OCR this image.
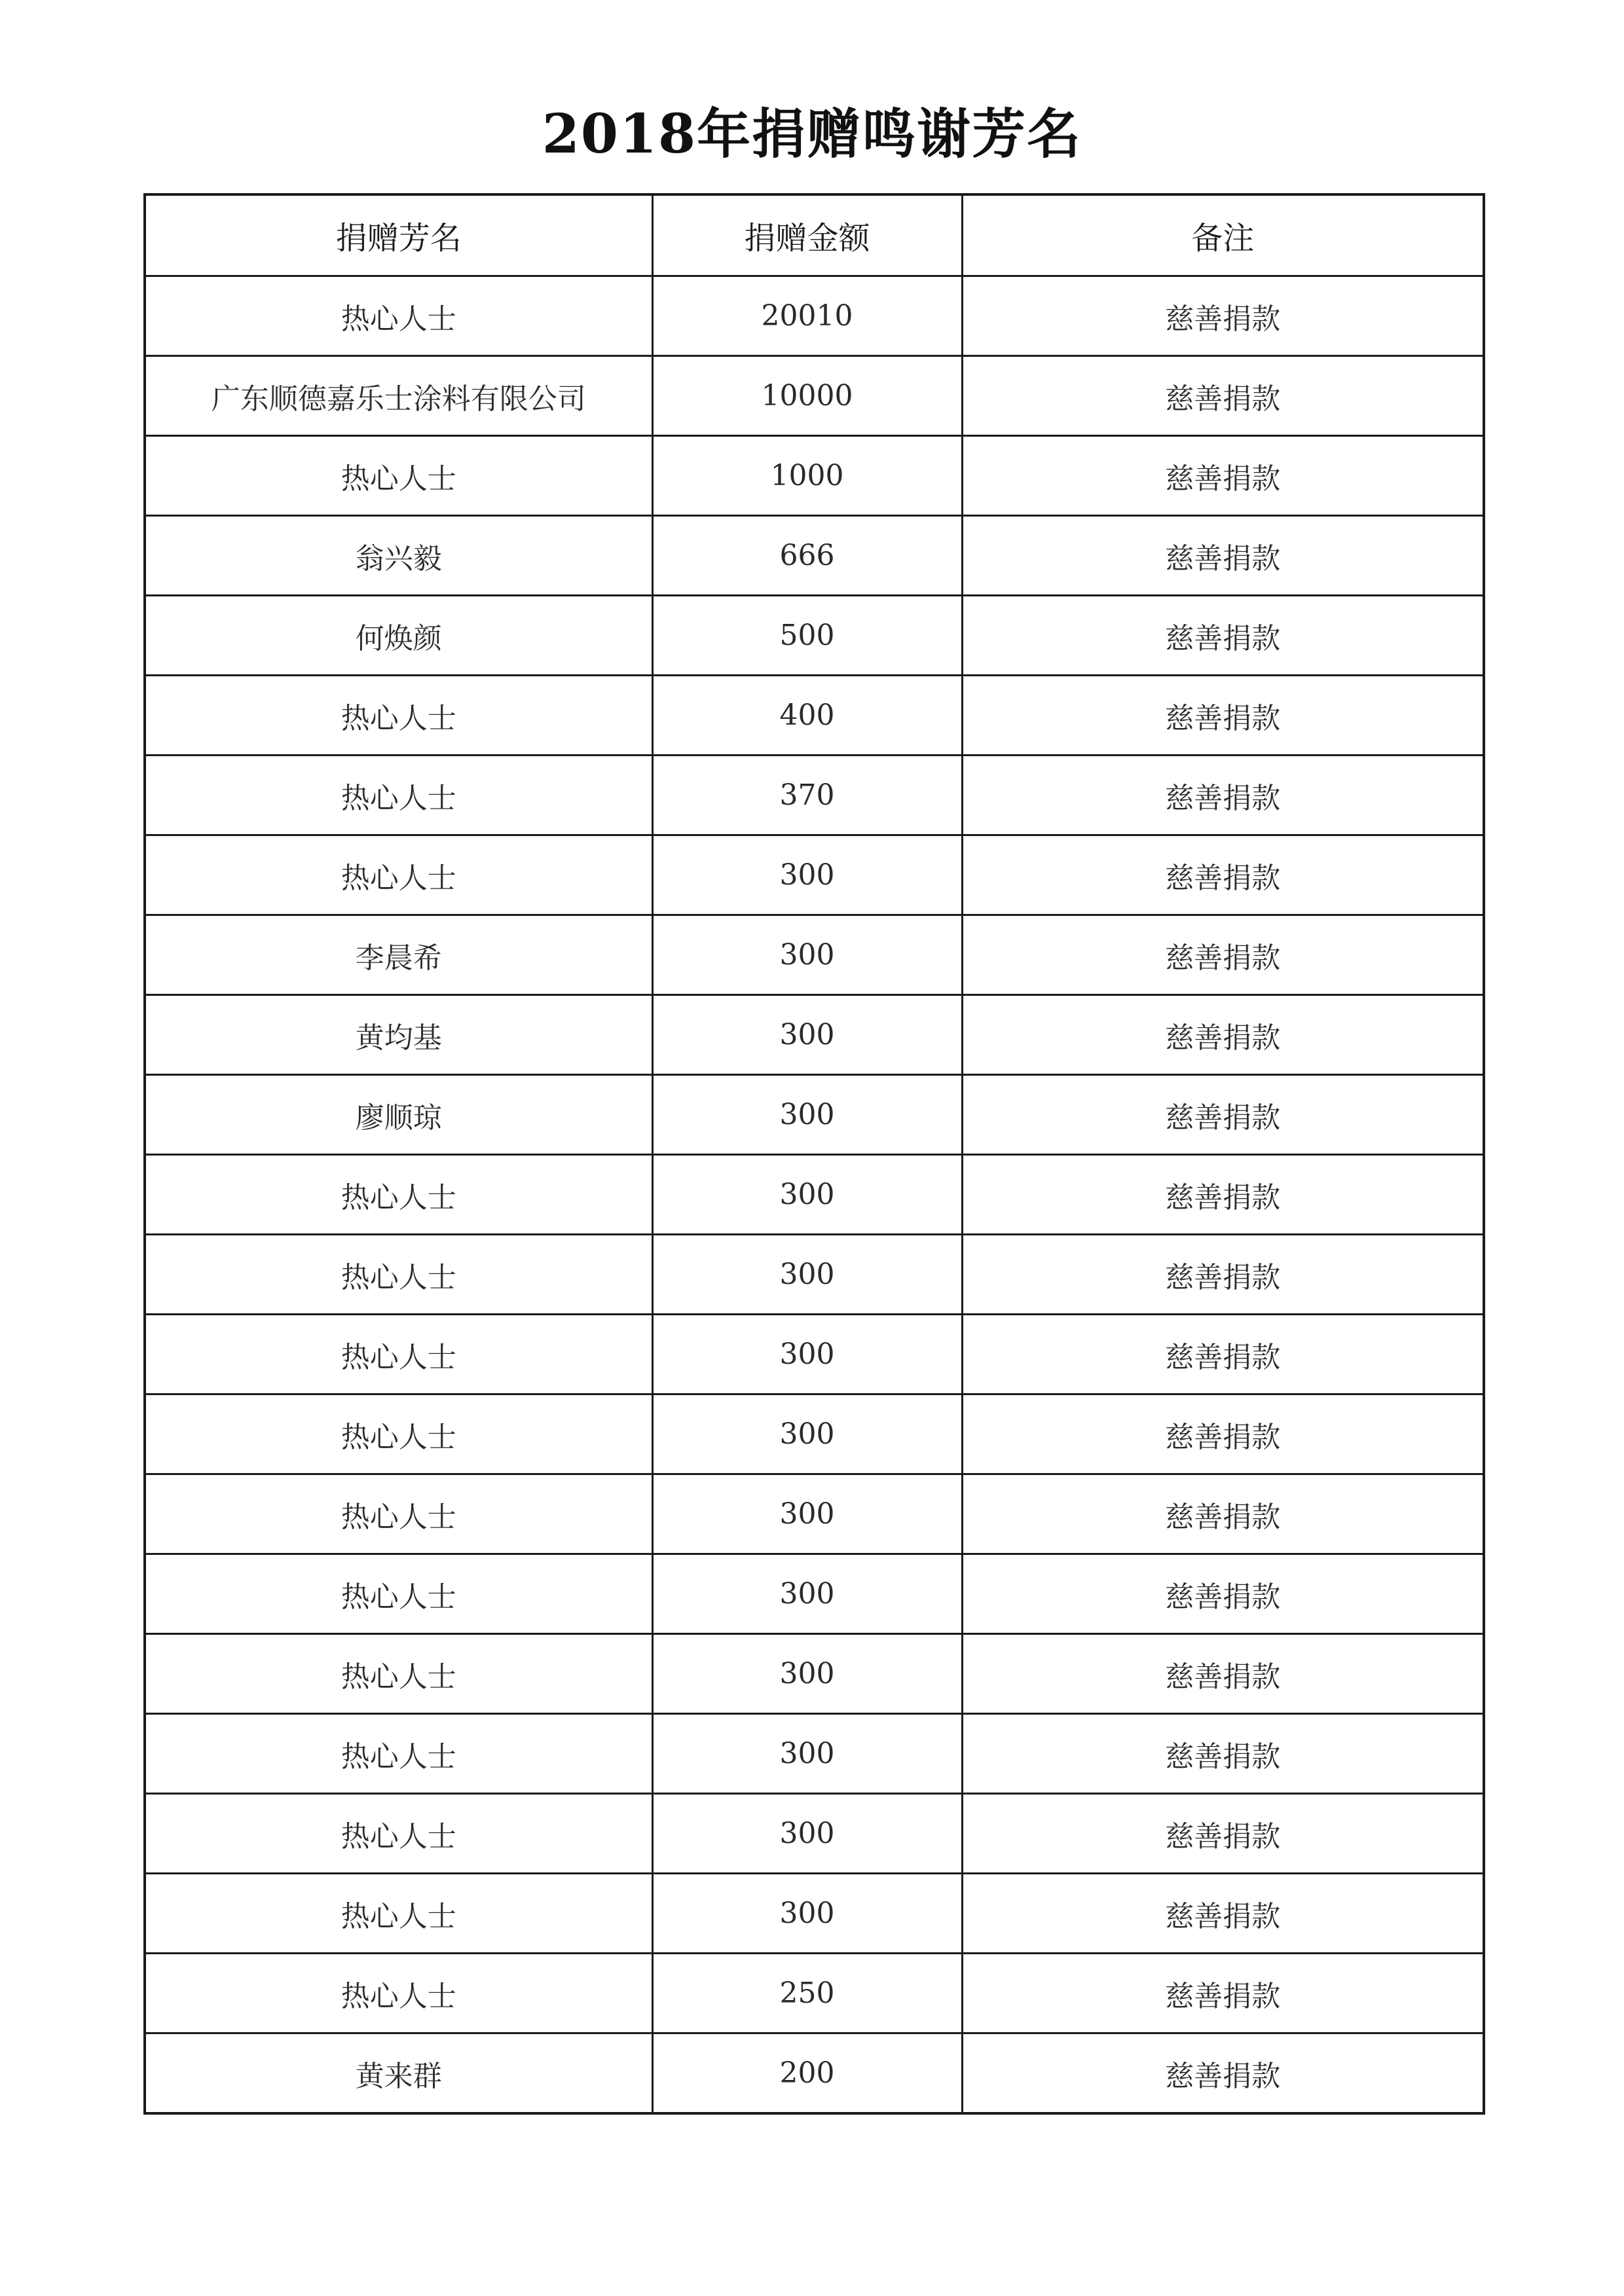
2018年捐赠鸣谢芳名
捐赠芳名	捐赠金额	备注
热心人士	20010	慈善捐款
广东顺德嘉乐士涂料有限公司	10000	慈善捐款
热心人士	1000	慈善捐款
翁兴毅	666	慈善捐款
何焕颜	500	慈善捐款
热心人士	400	慈善捐款
热心人士	370	慈善捐款
热心人士	300	慈善捐款
李晨希	300	慈善捐款
黄均基	300	慈善捐款
廖顺琼	300	慈善捐款
热心人士	300	慈善捐款
热心人士	300	慈善捐款
热心人士	300	慈善捐款
热心人士	300	慈善捐款
热心人士	300	慈善捐款
热心人士	300	慈善捐款
热心人士	300	慈善捐款
热心人士	300	慈善捐款
热心人士	300	慈善捐款
热心人士	300	慈善捐款
热心人士	250	慈善捐款
黄来群	200	慈善捐款
